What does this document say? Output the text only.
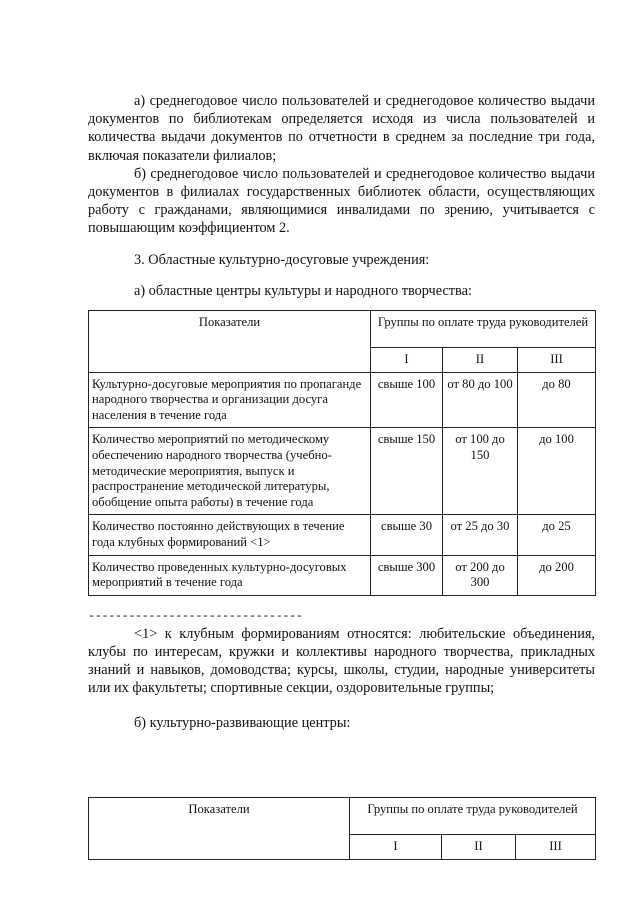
а) среднегодовое число пользователей и среднегодовое количество выдачи документов по библиотекам определяется исходя из числа пользователей и количества выдачи документов по отчетности в среднем за последние три года, включая показатели филиалов;

б) среднегодовое число пользователей и среднегодовое количество выдачи документов в филиалах государственных библиотек области, осуществляющих работу с гражданами, являющимися инвалидами по зрению, учитывается с повышающим коэффициентом 2.

3. Областные культурно-досуговые учреждения:

а) областные центры культуры и народного творчества:

Показатели	Группы по оплате труда руководителей		
	I	II	III
Культурно-досуговые мероприятия по пропаганде народного творчества и организации досуга населения в течение года	свыше 100	от 80 до 100	до 80
Количество мероприятий по методическому обеспечению народного творчества (учебно-методические мероприятия, выпуск и распространение методической литературы, обобщение опыта работы) в течение года	свыше 150	от 100 до 150	до 100
Количество постоянно действующих в течение года клубных формирований <1>	свыше 30	от 25 до 30	до 25
Количество проведенных культурно-досуговых мероприятий в течение года	свыше 300	от 200 до 300	до 200
--------------------------------

<1> к клубным формированиям относятся: любительские объединения, клубы по интересам, кружки и коллективы народного творчества, прикладных знаний и навыков, домоводства; курсы, школы, студии, народные университеты или их факультеты; спортивные секции, оздоровительные группы;

б) культурно-развивающие центры:

Показатели	Группы по оплате труда руководителей		
	I	II	III
